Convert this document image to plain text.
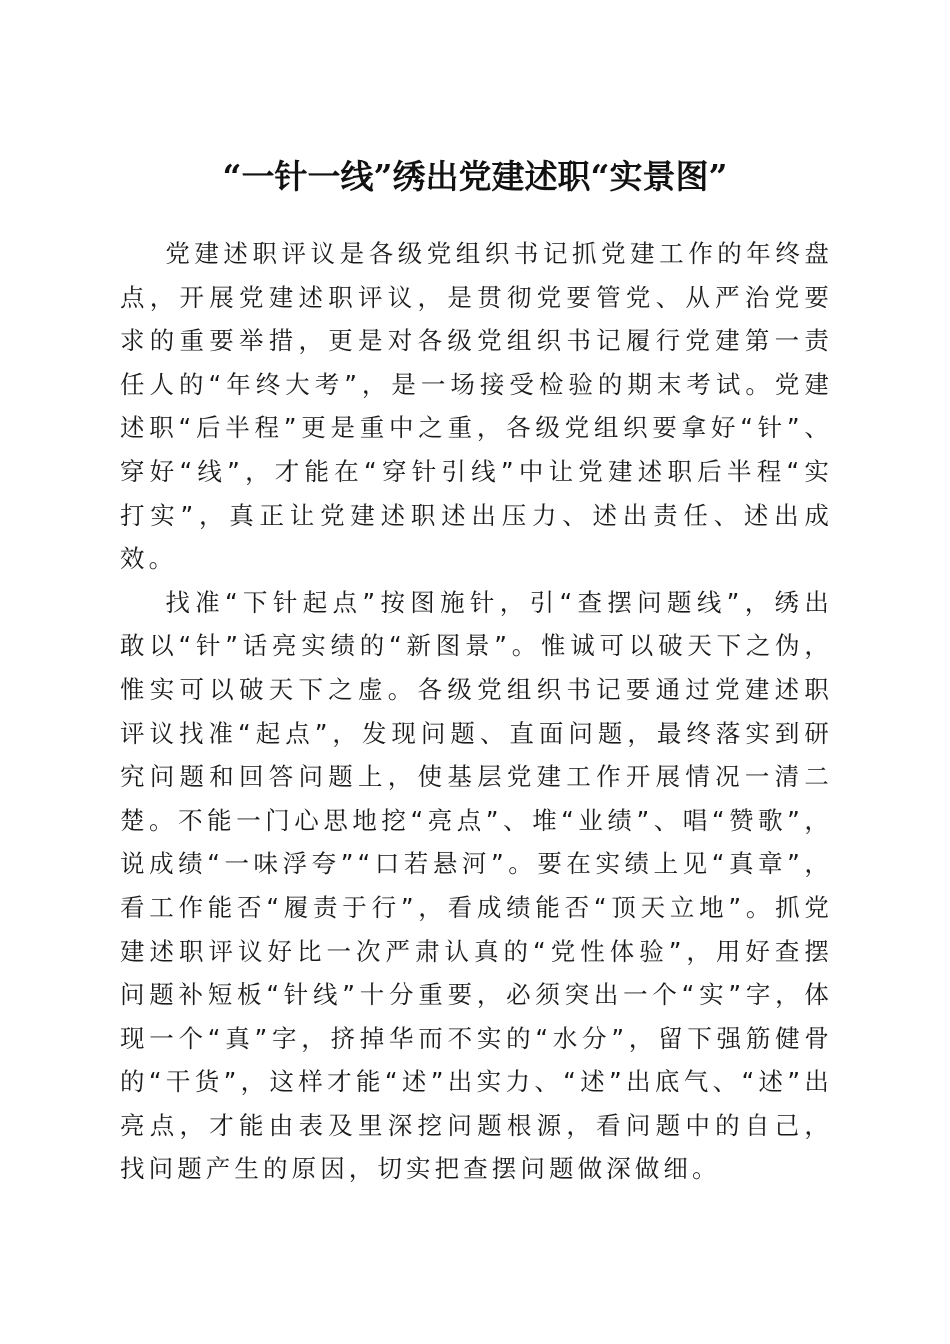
“一针一线”绣出党建述职“实景图”

党建述职评议是各级党组织书记抓党建工作的年终盘点，开展党建述职评议，是贯彻党要管党、从严治党要求的重要举措，更是对各级党组织书记履行党建第一责任人的“年终大考”，是一场接受检验的期末考试。党建述职“后半程”更是重中之重，各级党组织要拿好“针”、穿好“线”，才能在“穿针引线”中让党建述职后半程“实打实”，真正让党建述职述出压力、述出责任、述出成效。

找准“下针起点”按图施针，引“查摆问题线”，绣出敢以“针”话亮实绩的“新图景”。惟诚可以破天下之伪，惟实可以破天下之虚。各级党组织书记要通过党建述职评议找准“起点”，发现问题、直面问题，最终落实到研究问题和回答问题上，使基层党建工作开展情况一清二楚。不能一门心思地挖“亮点”、堆“业绩”、唱“赞歌”，说成绩“一味浮夸”“口若悬河”。要在实绩上见“真章”，看工作能否“履责于行”，看成绩能否“顶天立地”。抓党建述职评议好比一次严肃认真的“党性体验”，用好查摆问题补短板“针线”十分重要，必须突出一个“实”字，体现一个“真”字，挤掉华而不实的“水分”，留下强筋健骨的“干货”，这样才能“述”出实力、“述”出底气、“述”出亮点，才能由表及里深挖问题根源，看问题中的自己，找问题产生的原因，切实把查摆问题做深做细。
